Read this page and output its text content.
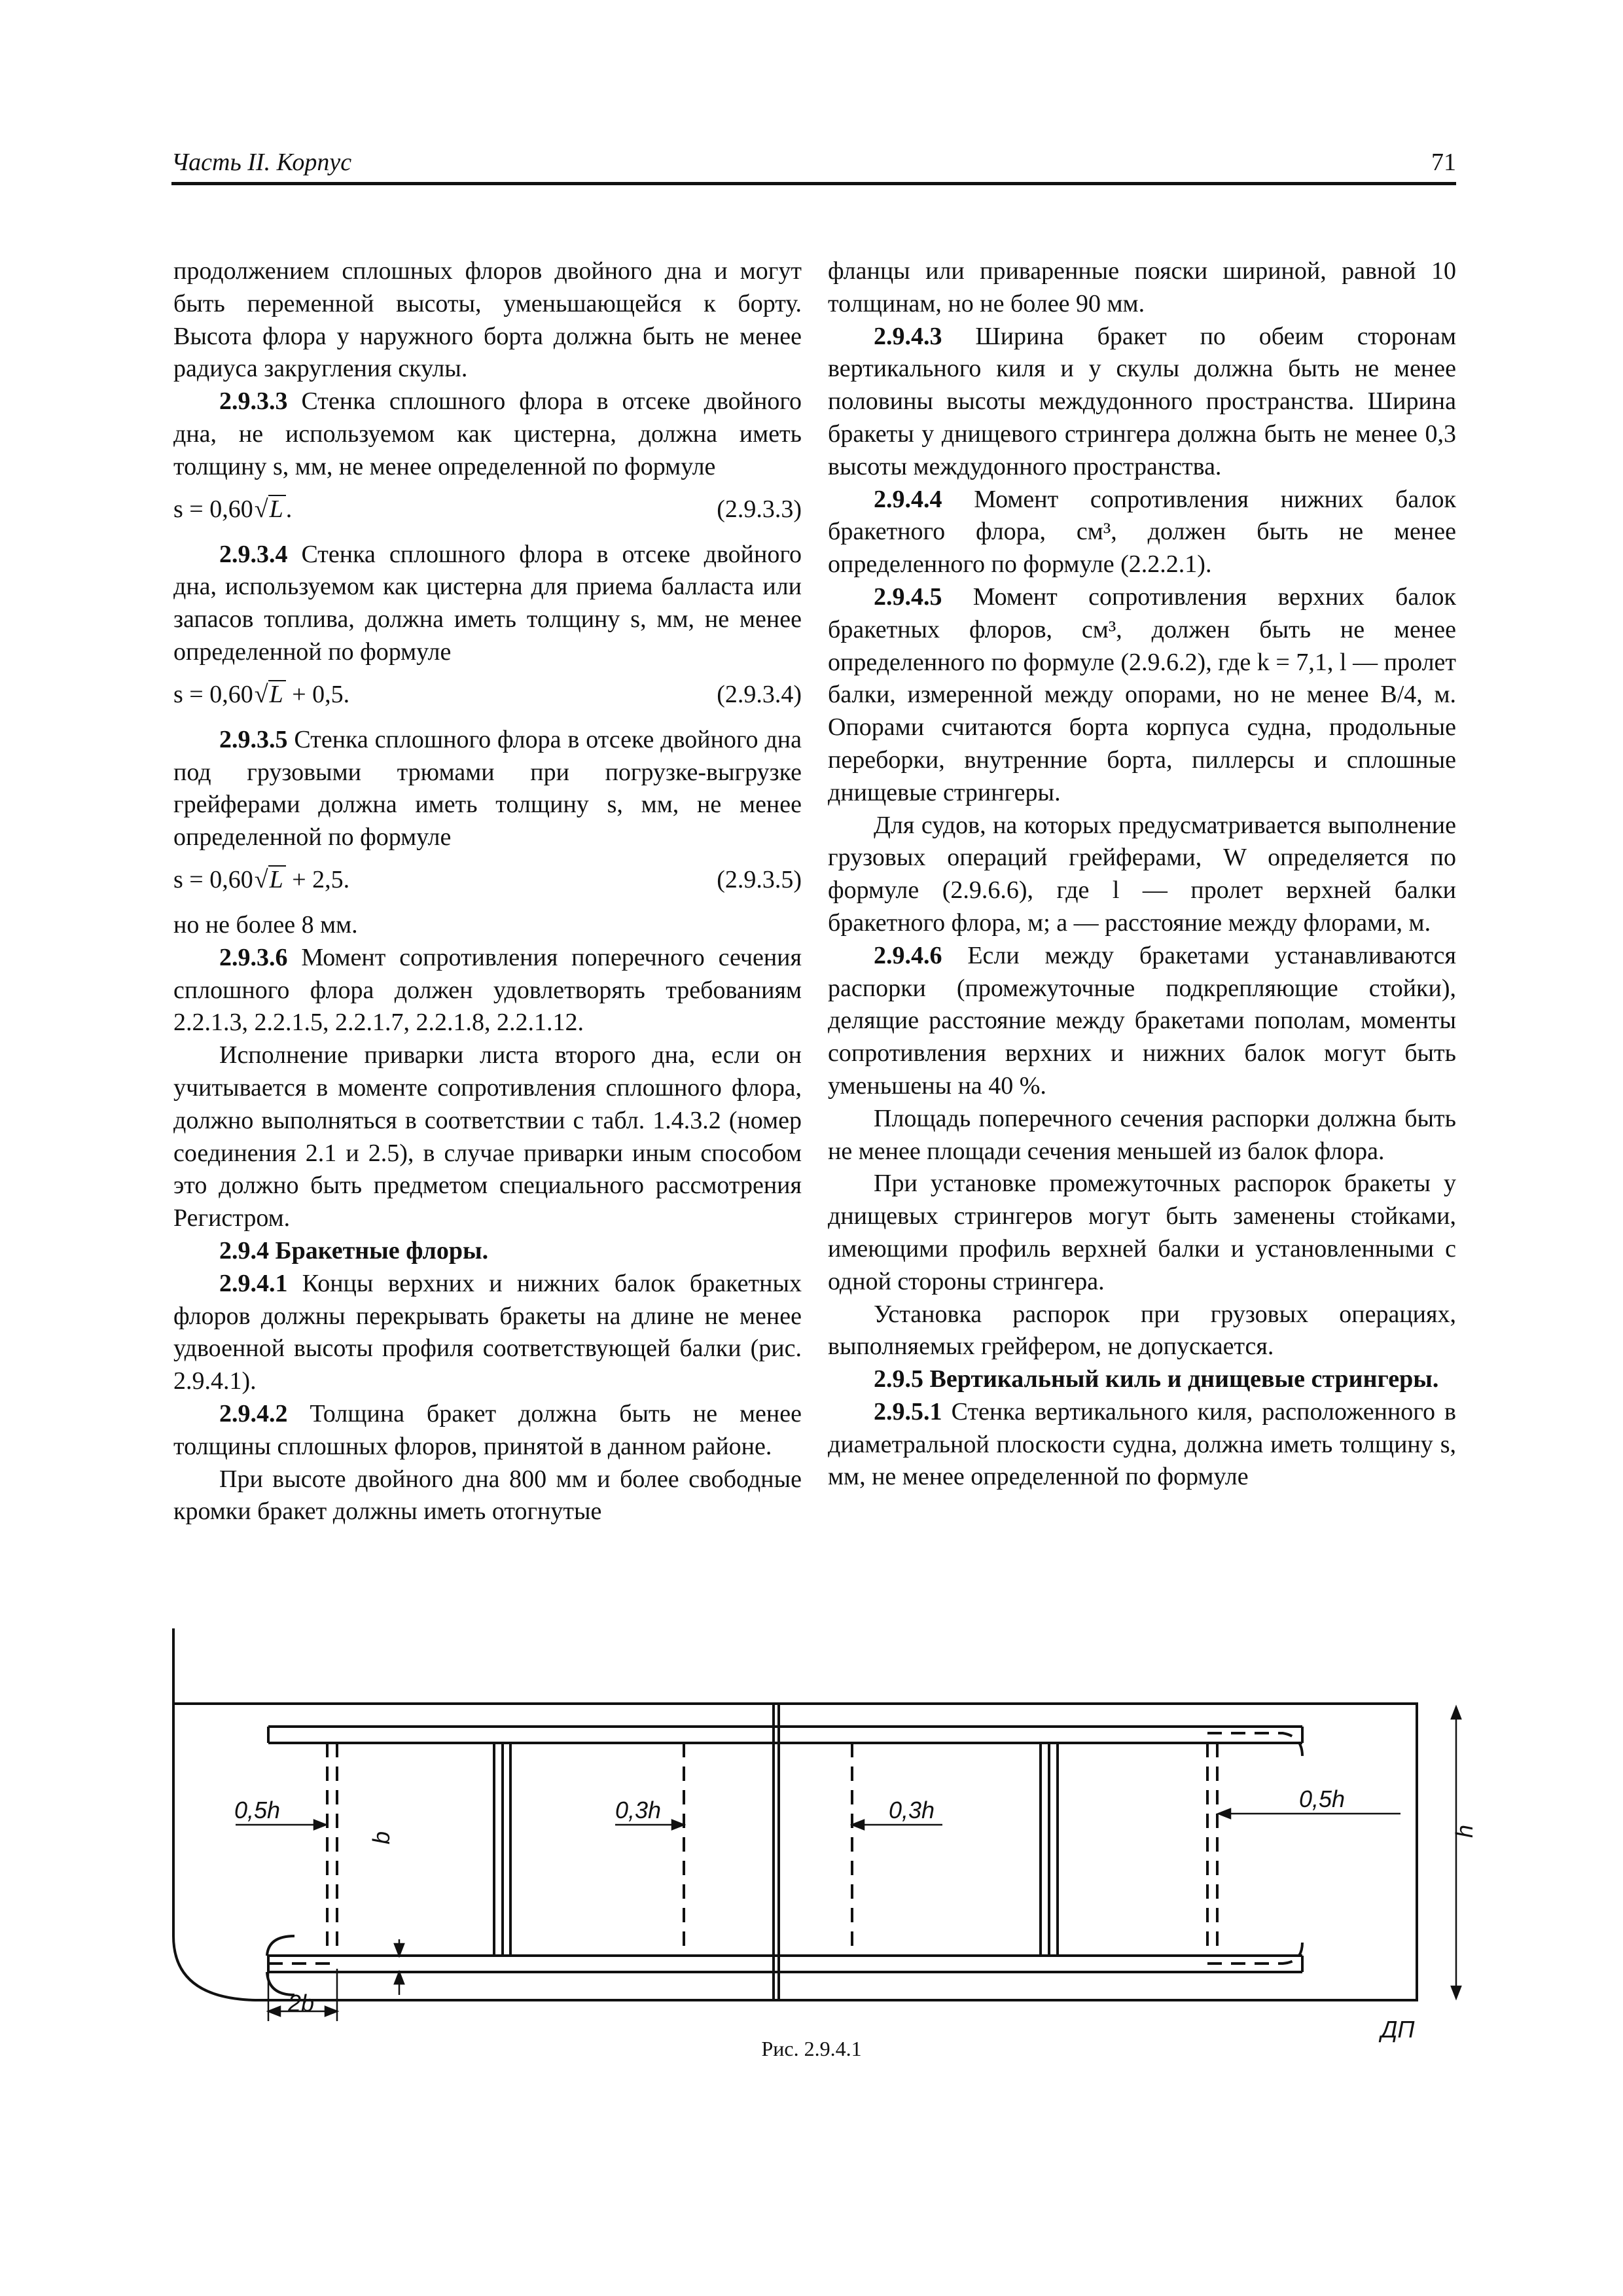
Часть II. Корпус	71

продолжением сплошных флоров двойного дна и могут быть переменной высоты, уменьшающейся к борту. Высота флора у наружного борта должна быть не менее радиуса закругления скулы.

2.9.3.3 Стенка сплошного флора в отсеке двойного дна, не используемом как цистерна, должна иметь толщину s, мм, не менее определенной по формуле

s = 0,60√L .	(2.9.3.3)

2.9.3.4 Стенка сплошного флора в отсеке двойного дна, используемом как цистерна для приема балласта или запасов топлива, должна иметь толщину s, мм, не менее определенной по формуле

s = 0,60√L + 0,5.	(2.9.3.4)

2.9.3.5 Стенка сплошного флора в отсеке двойного дна под грузовыми трюмами при погрузке-выгрузке грейферами должна иметь толщину s, мм, не менее определенной по формуле

s = 0,60√L + 2,5.	(2.9.3.5)

но не более 8 мм.

2.9.3.6 Момент сопротивления поперечного сечения сплошного флора должен удовлетворять требованиям 2.2.1.3, 2.2.1.5, 2.2.1.7, 2.2.1.8, 2.2.1.12.

Исполнение приварки листа второго дна, если он учитывается в моменте сопротивления сплошного флора, должно выполняться в соответствии с табл. 1.4.3.2 (номер соединения 2.1 и 2.5), в случае приварки иным способом это должно быть предметом специального рассмотрения Регистром.

2.9.4 Бракетные флоры.

2.9.4.1 Концы верхних и нижних балок бракетных флоров должны перекрывать бракеты на длине не менее удвоенной высоты профиля соответствующей балки (рис. 2.9.4.1).

2.9.4.2 Толщина бракет должна быть не менее толщины сплошных флоров, принятой в данном районе.

При высоте двойного дна 800 мм и более свободные кромки бракет должны иметь отогнутые

фланцы или приваренные пояски шириной, равной 10 толщинам, но не более 90 мм.

2.9.4.3 Ширина бракет по обеим сторонам вертикального киля и у скулы должна быть не менее половины высоты междудонного пространства. Ширина бракеты у днищевого стрингера должна быть не менее 0,3 высоты междудонного пространства.

2.9.4.4 Момент сопротивления нижних балок бракетного флора, см³, должен быть не менее определенного по формуле (2.2.2.1).

2.9.4.5 Момент сопротивления верхних балок бракетных флоров, см³, должен быть не менее определенного по формуле (2.9.6.2), где k = 7,1, l — пролет балки, измеренной между опорами, но не менее B/4, м. Опорами считаются борта корпуса судна, продольные переборки, внутренние борта, пиллерсы и сплошные днищевые стрингеры.

Для судов, на которых предусматривается выполнение грузовых операций грейферами, W определяется по формуле (2.9.6.6), где l — пролет верхней балки бракетного флора, м; a — расстояние между флорами, м.

2.9.4.6 Если между бракетами устанавливаются распорки (промежуточные подкрепляющие стойки), делящие расстояние между бракетами пополам, моменты сопротивления верхних и нижних балок могут быть уменьшены на 40 %.

Площадь поперечного сечения распорки должна быть не менее площади сечения меньшей из балок флора.

При установке промежуточных распорок бракеты у днищевых стрингеров могут быть заменены стойками, имеющими профиль верхней балки и установленными с одной стороны стрингера.

Установка распорок при грузовых операциях, выполняемых грейфером, не допускается.

2.9.5 Вертикальный киль и днищевые стрингеры.

2.9.5.1 Стенка вертикального киля, расположенного в диаметральной плоскости судна, должна иметь толщину s, мм, не менее определенной по формуле

0,5h	0,3h	0,3h	0,5h
h
b
2b
ДП
Рис. 2.9.4.1
